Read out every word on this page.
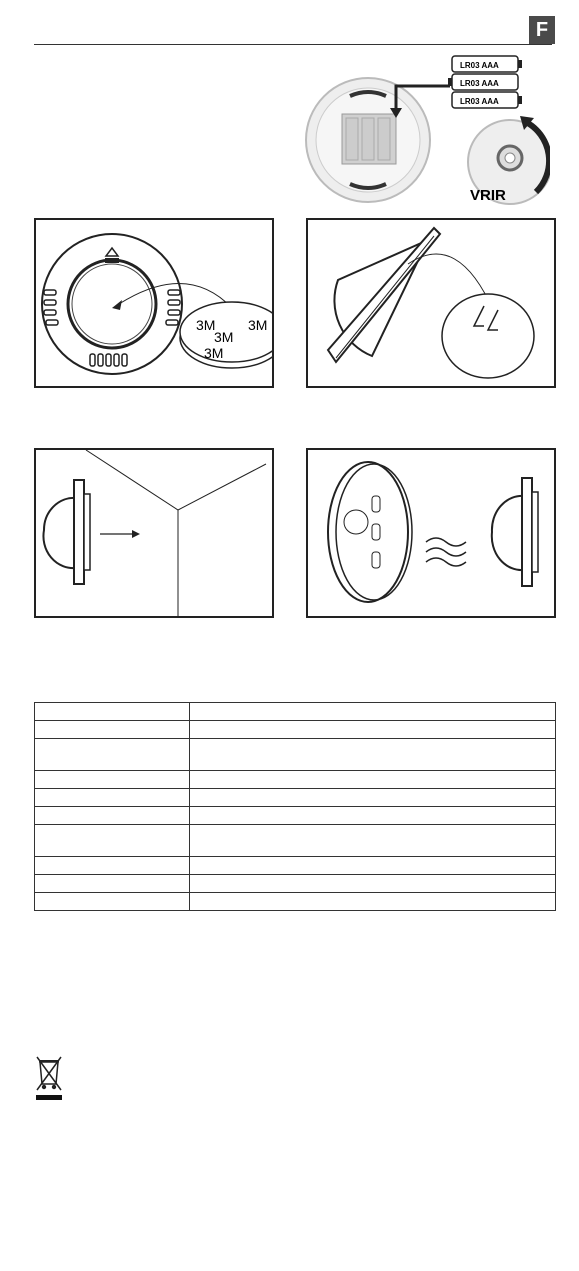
F
LR03 AAA
LR03 AAA
LR03 AAA
VRIR
3M
3M
3M
3M
